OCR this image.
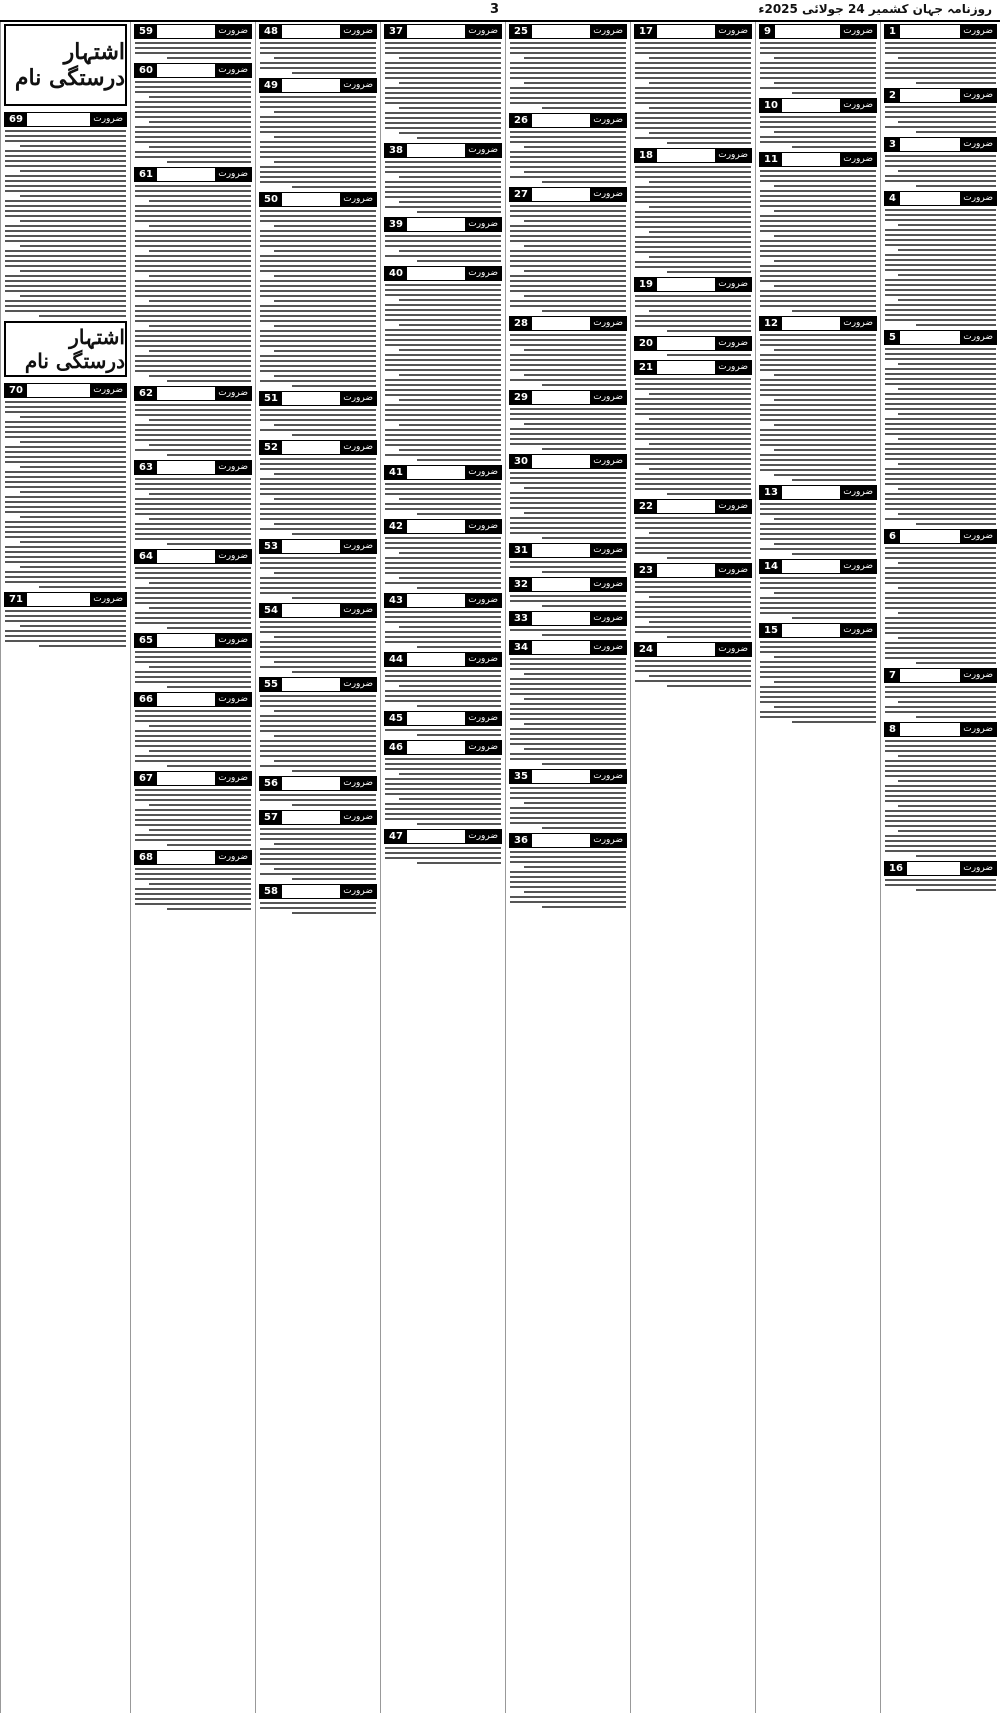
3	روزنامہ جہان کشمیر 24 جولائی 2025ء
ضرورت
1
ضرورت
2
ضرورت
3
ضرورت
4
ضرورت
5
ضرورت
6
ضرورت
7
ضرورت
8
ضرورت
16
ضرورت
9
ضرورت
10
ضرورت
11
ضرورت
12
ضرورت
13
ضرورت
14
ضرورت
15
ضرورت
17
ضرورت
18
ضرورت
19
ضرورت
20
ضرورت
21
ضرورت
22
ضرورت
23
ضرورت
24
ضرورت
25
ضرورت
26
ضرورت
27
ضرورت
28
ضرورت
29
ضرورت
30
ضرورت
31
ضرورت
32
ضرورت
33
ضرورت
34
ضرورت
35
ضرورت
36
ضرورت
37
ضرورت
38
ضرورت
39
ضرورت
40
ضرورت
41
ضرورت
42
ضرورت
43
ضرورت
44
ضرورت
45
ضرورت
46
ضرورت
47
ضرورت
48
ضرورت
49
ضرورت
50
ضرورت
51
ضرورت
52
ضرورت
53
ضرورت
54
ضرورت
55
ضرورت
56
ضرورت
57
ضرورت
58
ضرورت
59
ضرورت
60
ضرورت
61
ضرورت
62
ضرورت
63
ضرورت
64
ضرورت
65
ضرورت
66
ضرورت
67
ضرورت
68
اشتہار درستگی نام
ضرورت
69
اشتہار درستگی نام
ضرورت
70
ضرورت
71
